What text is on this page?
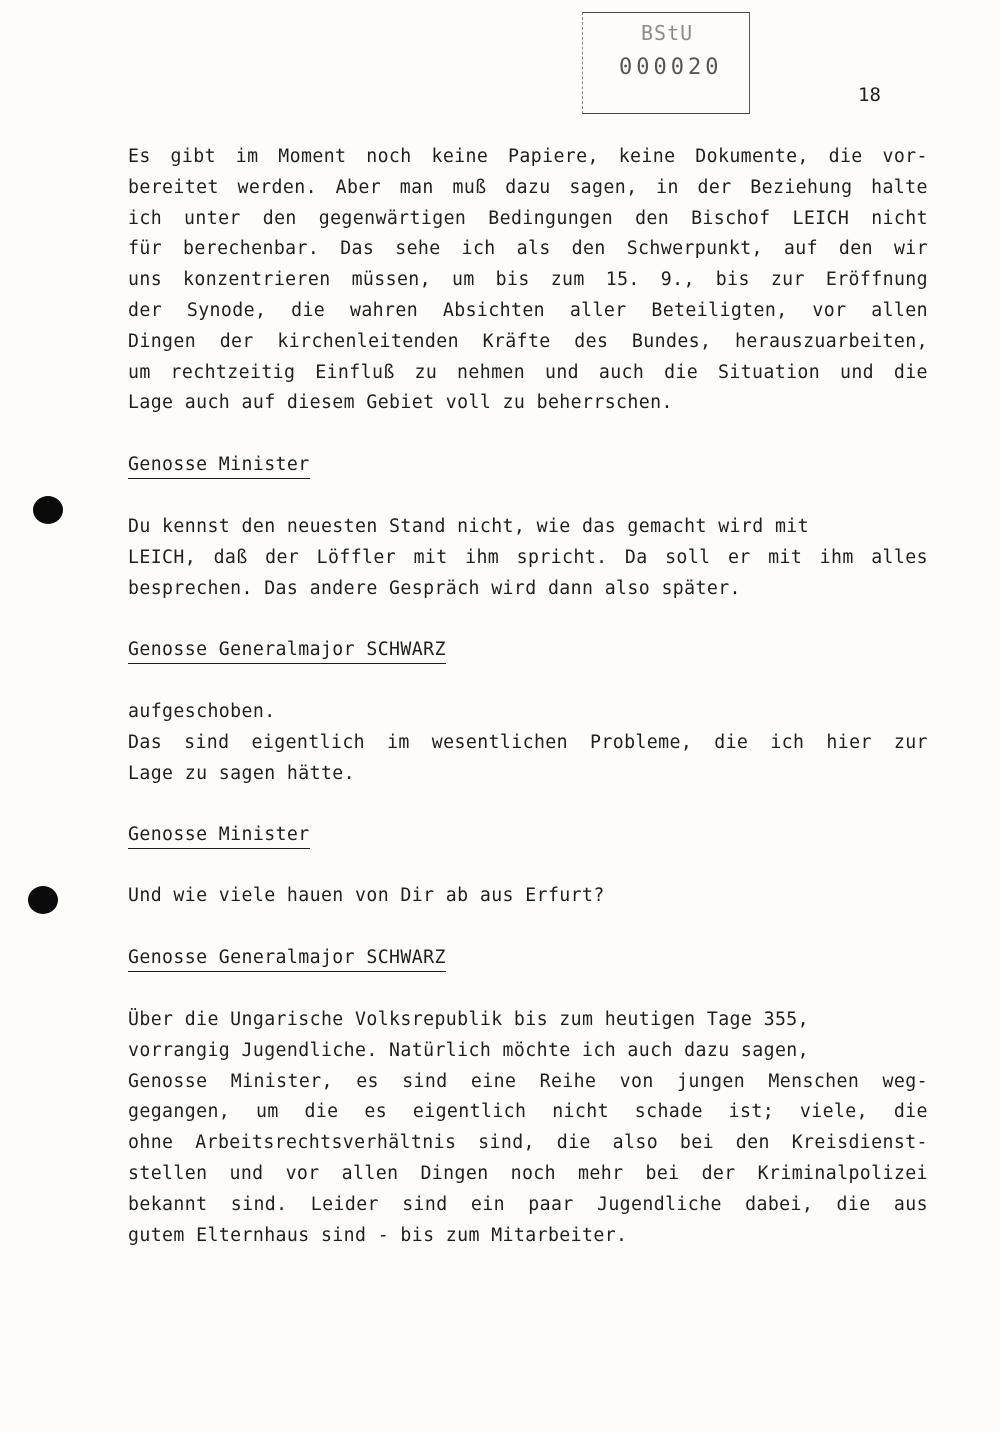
BStU
000020
18
Es gibt im Moment noch keine Papiere, keine Dokumente, die vor-
bereitet werden. Aber man muß dazu sagen, in der Beziehung halte
ich unter den gegenwärtigen Bedingungen den Bischof LEICH nicht
für berechenbar. Das sehe ich als den Schwerpunkt, auf den wir
uns konzentrieren müssen, um bis zum 15. 9., bis zur Eröffnung
der Synode, die wahren Absichten aller Beteiligten, vor allen
Dingen der kirchenleitenden Kräfte des Bundes, herauszuarbeiten,
um rechtzeitig Einfluß zu nehmen und auch die Situation und die
Lage auch auf diesem Gebiet voll zu beherrschen.
Genosse Minister
Du kennst den neuesten Stand nicht, wie das gemacht wird mit
LEICH, daß der Löffler mit ihm spricht. Da soll er mit ihm alles
besprechen. Das andere Gespräch wird dann also später.
Genosse Generalmajor SCHWARZ
aufgeschoben.
Das sind eigentlich im wesentlichen Probleme, die ich hier zur
Lage zu sagen hätte.
Genosse Minister
Und wie viele hauen von Dir ab aus Erfurt?
Genosse Generalmajor SCHWARZ
Über die Ungarische Volksrepublik bis zum heutigen Tage 355,
vorrangig Jugendliche. Natürlich möchte ich auch dazu sagen,
Genosse Minister, es sind eine Reihe von jungen Menschen weg-
gegangen, um die es eigentlich nicht schade ist; viele, die
ohne Arbeitsrechtsverhältnis sind, die also bei den Kreisdienst-
stellen und vor allen Dingen noch mehr bei der Kriminalpolizei
bekannt sind. Leider sind ein paar Jugendliche dabei, die aus
gutem Elternhaus sind - bis zum Mitarbeiter.
